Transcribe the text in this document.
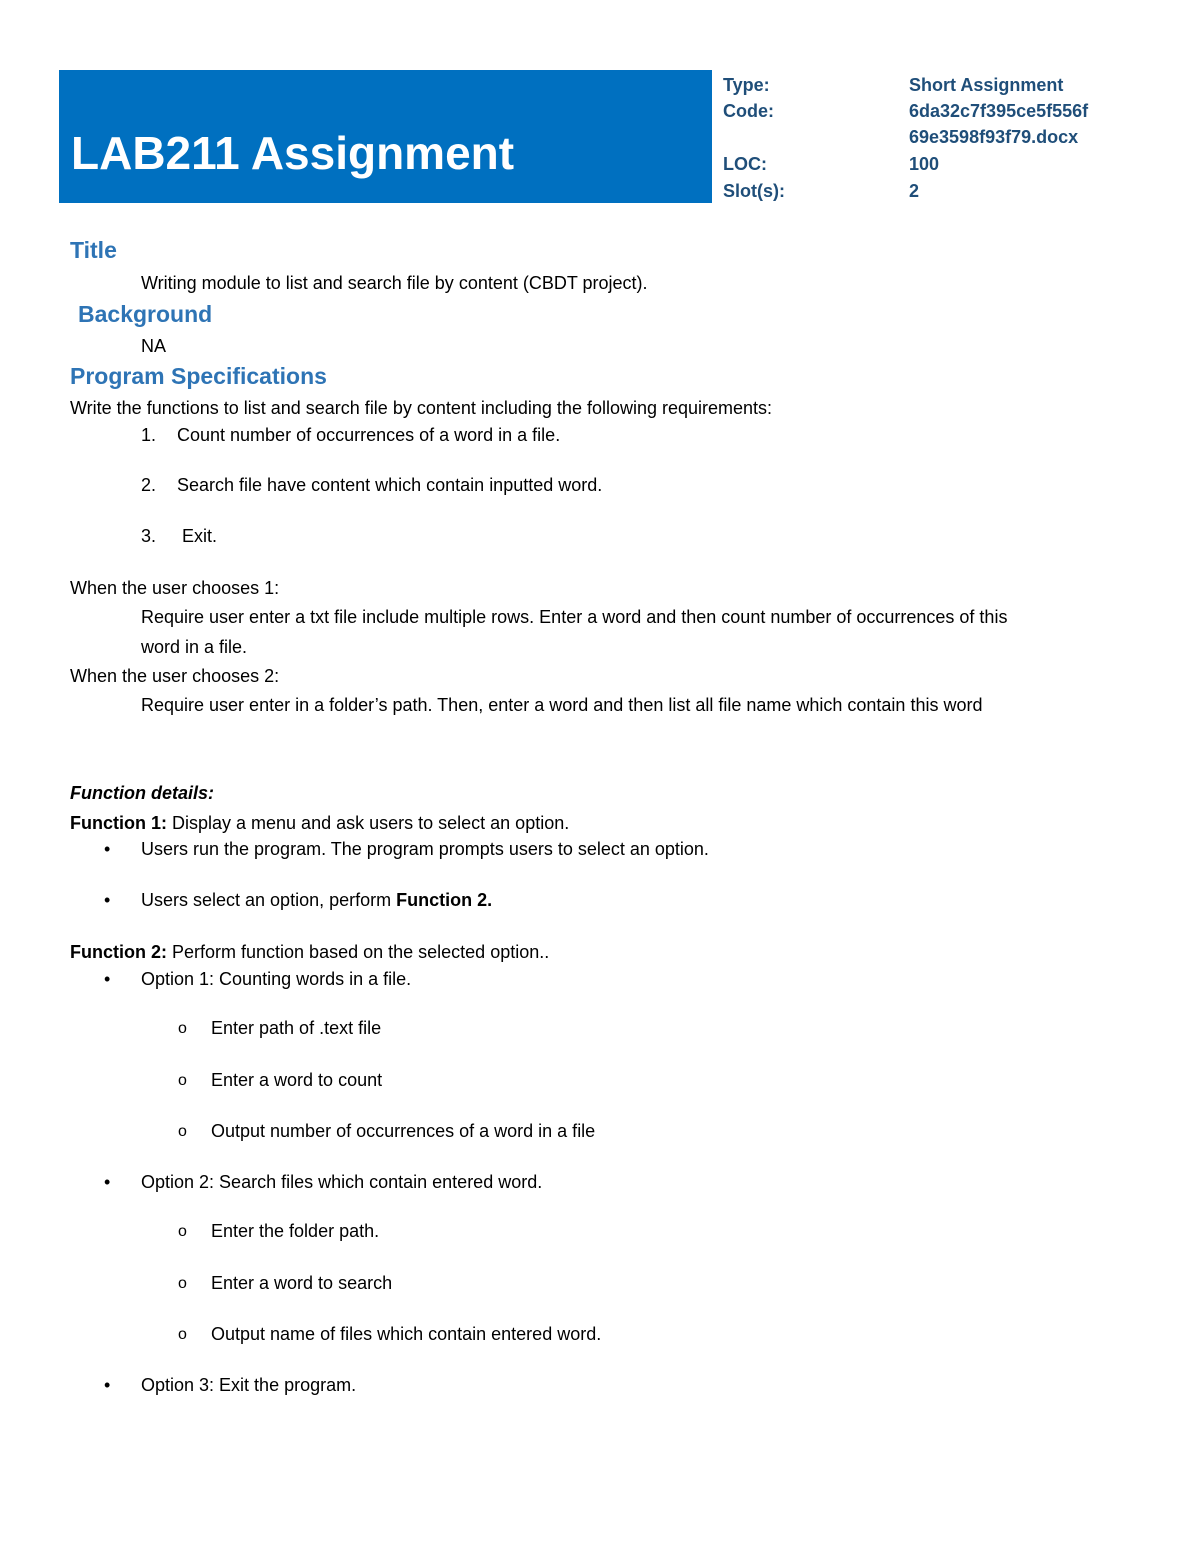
LAB211 Assignment
Type:	Short Assignment
Code:	6da32c7f395ce5f556f
69e3598f93f79.docx
LOC:	100
Slot(s):	2
Title
Writing module to list and search file by content (CBDT project).
Background
NA
Program Specifications
Write the functions to list and search file by content including the following requirements:
1. Count number of occurrences of a word in a file.
2. Search file have content which contain inputted word.
3. Exit.
When the user chooses 1:
Require user enter a txt file include multiple rows. Enter a word and then count number of occurrences of this
word in a file.
When the user chooses 2:
Require user enter in a folder’s path. Then, enter a word and then list all file name which contain this word
Function details:
Function 1: Display a menu and ask users to select an option.
• Users run the program. The program prompts users to select an option.
• Users select an option, perform Function 2.
Function 2: Perform function based on the selected option..
• Option 1: Counting words in a file.
o Enter path of .text file
o Enter a word to count
o Output number of occurrences of a word in a file
• Option 2: Search files which contain entered word.
o Enter the folder path.
o Enter a word to search
o Output name of files which contain entered word.
• Option 3: Exit the program.
